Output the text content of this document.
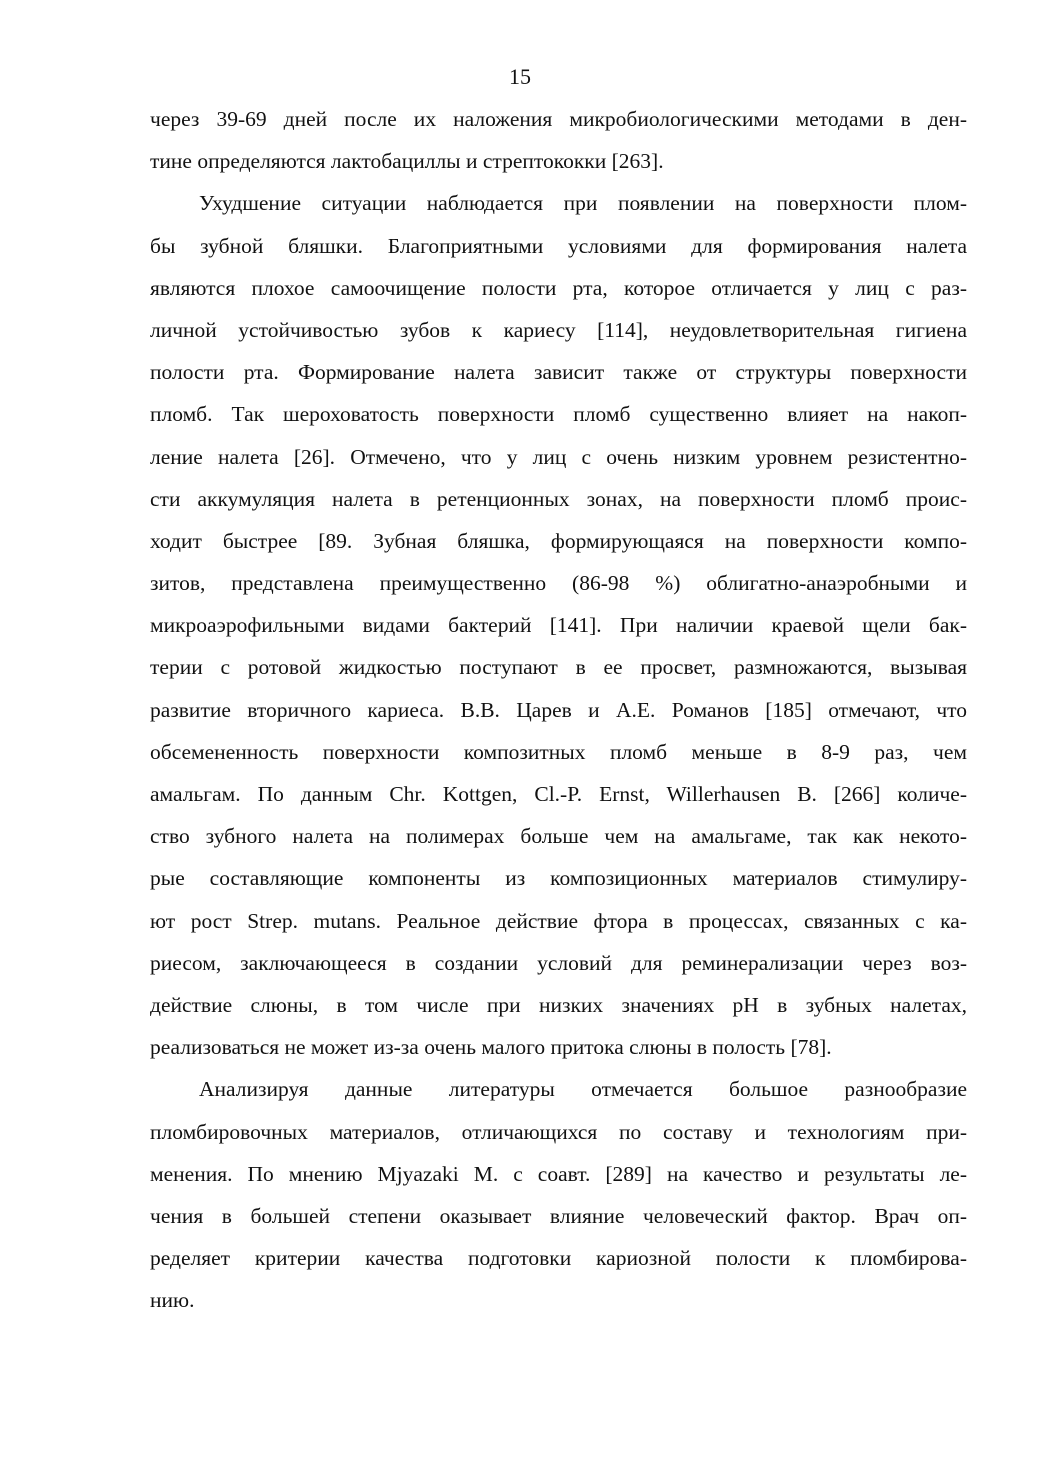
15
через 39-69 дней после их наложения микробиологическими методами в ден-
тине определяются лактобациллы и стрептококки [263].
Ухудшение ситуации наблюдается при появлении на поверхности плом-
бы зубной бляшки. Благоприятными условиями для формирования налета
являются плохое самоочищение полости рта, которое отличается у лиц с раз-
личной устойчивостью зубов к кариесу [114], неудовлетворительная гигиена
полости рта. Формирование налета зависит также от структуры поверхности
пломб. Так шероховатость поверхности пломб существенно влияет на накоп-
ление налета [26]. Отмечено, что у лиц с очень низким уровнем резистентно-
сти аккумуляция налета в ретенционных зонах, на поверхности пломб проис-
ходит быстрее [89. Зубная бляшка, формирующаяся на поверхности компо-
зитов, представлена преимущественно (86-98 %) облигатно-анаэробными и
микроаэрофильными видами бактерий [141]. При наличии краевой щели бак-
терии с ротовой жидкостью поступают в ее просвет, размножаются, вызывая
развитие вторичного кариеса. В.В. Царев и А.Е. Романов [185] отмечают, что
обсемененность поверхности композитных пломб меньше в 8-9 раз, чем
амальгам. По данным Chr. Kottgen, Cl.-P. Ernst, Willerhausen B. [266] количе-
ство зубного налета на полимерах больше чем на амальгаме, так как некото-
рые составляющие компоненты из композиционных материалов стимулиру-
ют рост Strep. mutans. Реальное действие фтора в процессах, связанных с ка-
риесом, заключающееся в создании условий для реминерализации через воз-
действие слюны, в том числе при низких значениях pH в зубных налетах,
реализоваться не может из-за очень малого притока слюны в полость [78].
Анализируя данные литературы отмечается большое разнообразие
пломбировочных материалов, отличающихся по составу и технологиям при-
менения. По мнению Mjyazaki M. с соавт. [289] на качество и результаты ле-
чения в большей степени оказывает влияние человеческий фактор. Врач оп-
ределяет критерии качества подготовки кариозной полости к пломбирова-
нию.
